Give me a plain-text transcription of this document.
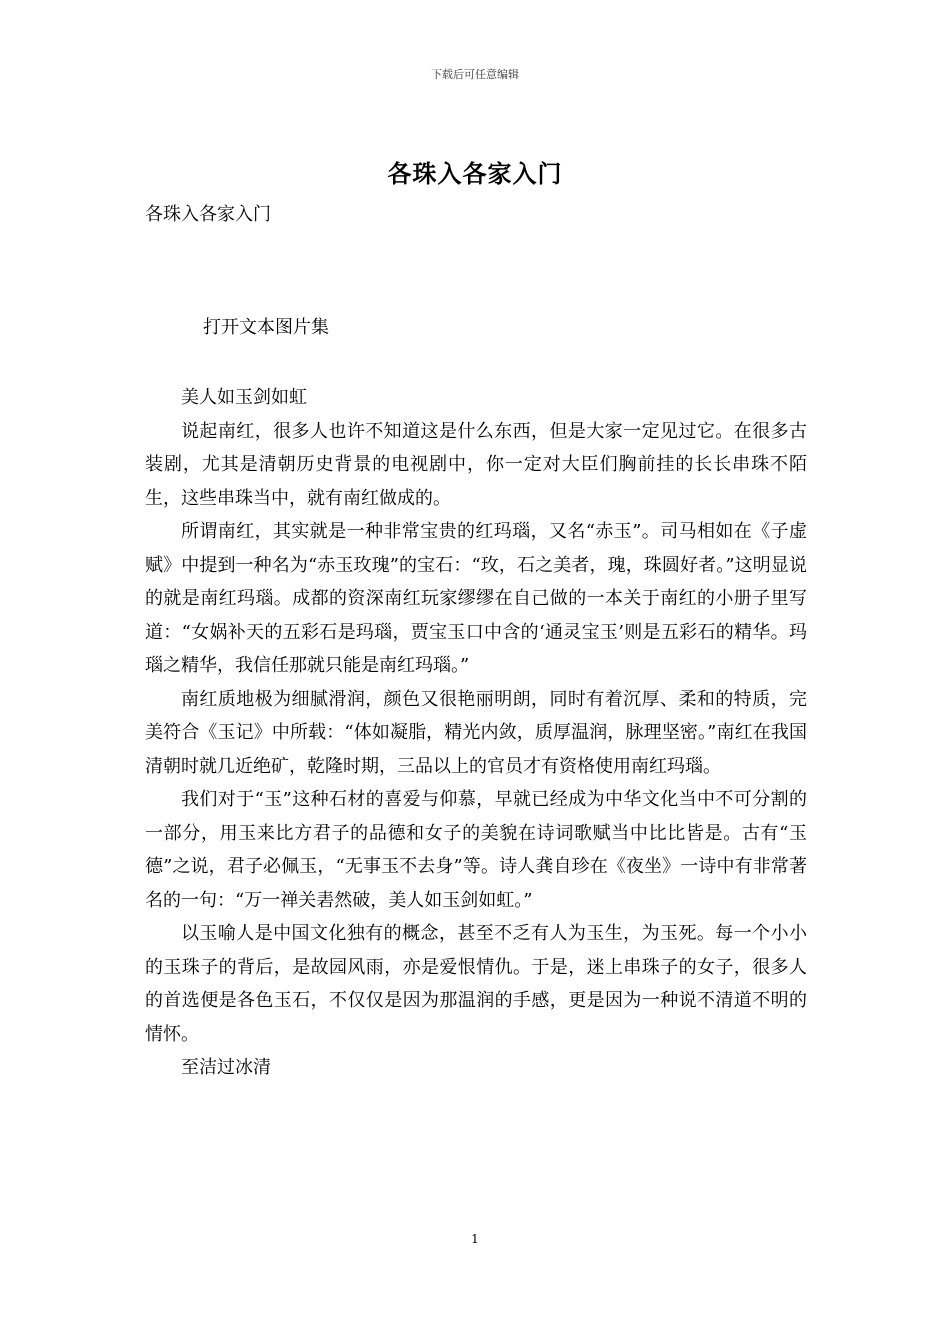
下载后可任意编辑
各珠入各家入门
各珠入各家入门
打开文本图片集

美人如玉剑如虹

说起南红，很多人也许不知道这是什么东西，但是大家一定见过它。在很多古装剧，尤其是清朝历史背景的电视剧中，你一定对大臣们胸前挂的长长串珠不陌生，这些串珠当中，就有南红做成的。

所谓南红，其实就是一种非常宝贵的红玛瑙，又名“赤玉”。司马相如在《子虚赋》中提到一种名为“赤玉玫瑰”的宝石：“玫，石之美者，瑰，珠圆好者。”这明显说的就是南红玛瑙。成都的资深南红玩家缪缪在自己做的一本关于南红的小册子里写道：“女娲补天的五彩石是玛瑙，贾宝玉口中含的‘通灵宝玉’则是五彩石的精华。玛瑙之精华，我信任那就只能是南红玛瑙。”

南红质地极为细腻滑润，颜色又很艳丽明朗，同时有着沉厚、柔和的特质，完美符合《玉记》中所载：“体如凝脂，精光内敛，质厚温润，脉理坚密。”南红在我国清朝时就几近绝矿，乾隆时期，三品以上的官员才有资格使用南红玛瑙。

我们对于“玉”这种石材的喜爱与仰慕，早就已经成为中华文化当中不可分割的一部分，用玉来比方君子的品德和女子的美貌在诗词歌赋当中比比皆是。古有“玉德”之说，君子必佩玉，“无事玉不去身”等。诗人龚自珍在《夜坐》一诗中有非常著名的一句：“万一禅关砉然破，美人如玉剑如虹。”

以玉喻人是中国文化独有的概念，甚至不乏有人为玉生，为玉死。每一个小小的玉珠子的背后，是故园风雨，亦是爱恨情仇。于是，迷上串珠子的女子，很多人的首选便是各色玉石，不仅仅是因为那温润的手感，更是因为一种说不清道不明的情怀。

至洁过冰清

1
